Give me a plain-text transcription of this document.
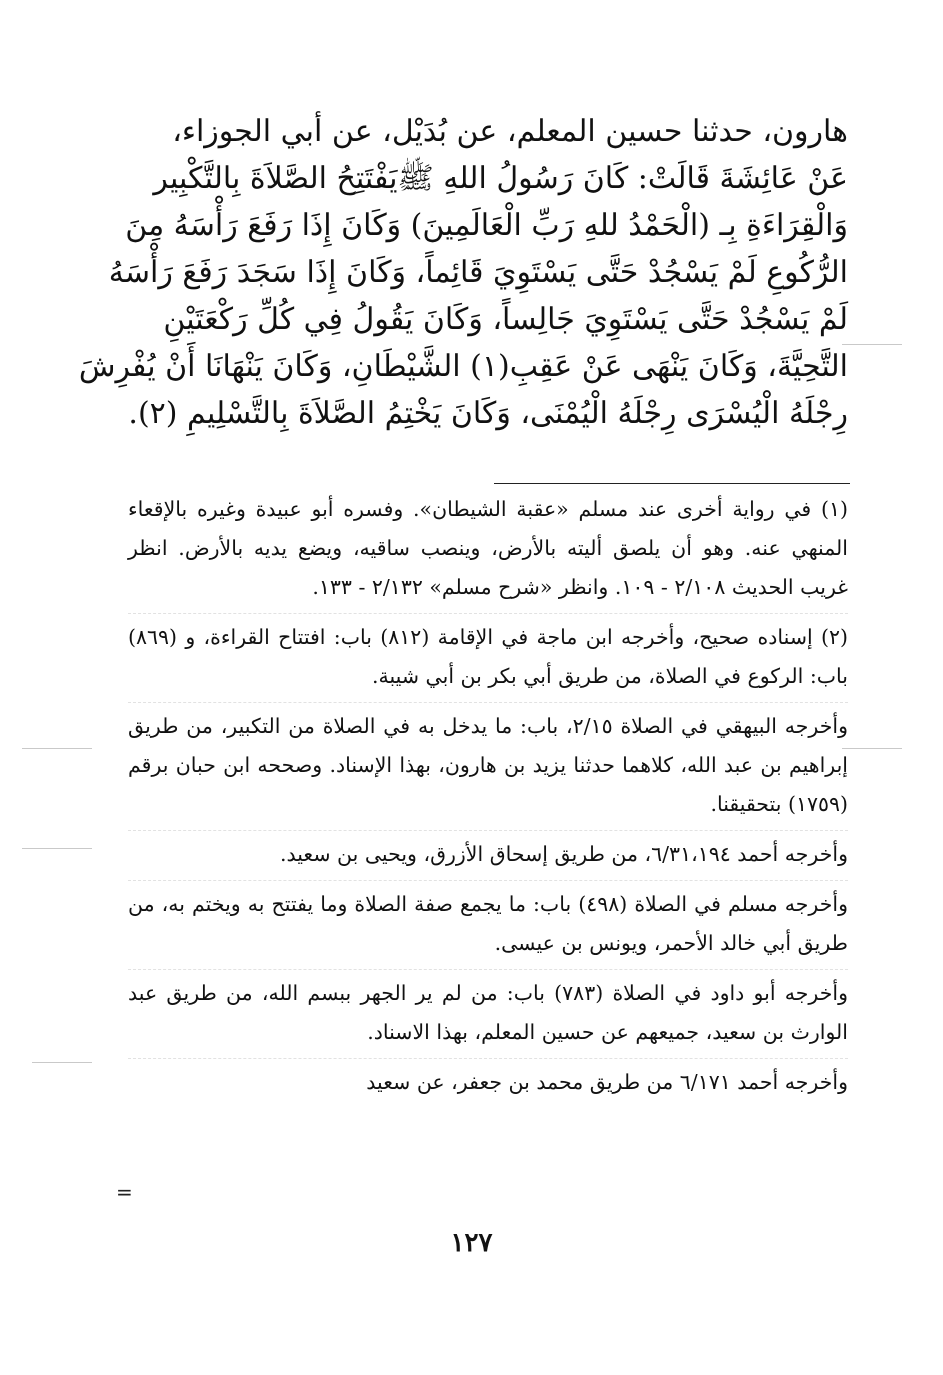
هارون، حدثنا حسين المعلم، عن بُدَيْل، عن أبي الجوزاء،
عَنْ عَائِشَةَ قَالَتْ: كَانَ رَسُولُ اللهِ ﷺيَفْتَتِحُ الصَّلاَةَ بِالتَّكْبِير
وَالْقِرَاءَةِ بِـ (الْحَمْدُ للهِ رَبِّ الْعَالَمِينَ) وَكَانَ إِذَا رَفَعَ رَأْسَهُ مِنَ
الرُّكُوعِ لَمْ يَسْجُدْ حَتَّى يَسْتَوِيَ قَائِماً، وَكَانَ إِذَا سَجَدَ رَفَعَ رَأْسَهُ
لَمْ يَسْجُدْ حَتَّى يَسْتَوِيَ جَالِساً، وَكَانَ يَقُولُ فِي كُلِّ رَكْعَتَيْنِ
التَّحِيَّةَ، وَكَانَ يَنْهَى عَنْ عَقِبِ(١) الشَّيْطَانِ، وَكَانَ يَنْهَانَا أَنْ يُفْرِشَ
رِجْلَهُ الْيُسْرَى رِجْلَهُ الْيُمْنَى، وَكَانَ يَخْتِمُ الصَّلاَةَ بِالتَّسْلِيمِ (٢).

(١) في رواية أخرى عند مسلم «عقبة الشيطان». وفسره أبو عبيدة وغيره بالإقعاء المنهي عنه. وهو أن يلصق أليته بالأرض، وينصب ساقيه، ويضع يديه بالأرض. انظر غريب الحديث ٢/١٠٨ - ١٠٩. وانظر «شرح مسلم» ٢/١٣٢ - ١٣٣.

(٢) إسناده صحيح، وأخرجه ابن ماجة في الإقامة (٨١٢) باب: افتتاح القراءة، و (٨٦٩) باب: الركوع في الصلاة، من طريق أبي بكر بن أبي شيبة.

وأخرجه البيهقي في الصلاة ٢/١٥، باب: ما يدخل به في الصلاة من التكبير، من طريق إبراهيم بن عبد الله، كلاهما حدثنا يزيد بن هارون، بهذا الإسناد. وصححه ابن حبان برقم (١٧٥٩) بتحقيقنا.

وأخرجه أحمد ٦/٣١،١٩٤، من طريق إسحاق الأزرق، ويحيى بن سعيد.

وأخرجه مسلم في الصلاة (٤٩٨) باب: ما يجمع صفة الصلاة وما يفتتح به ويختم به، من طريق أبي خالد الأحمر، ويونس بن عيسى.

وأخرجه أبو داود في الصلاة (٧٨٣) باب: من لم ير الجهر ببسم الله، من طريق عبد الوارث بن سعيد، جميعهم عن حسين المعلم، بهذا الاسناد.

وأخرجه أحمد ٦/١٧١ من طريق محمد بن جعفر، عن سعيد

=
١٢٧
